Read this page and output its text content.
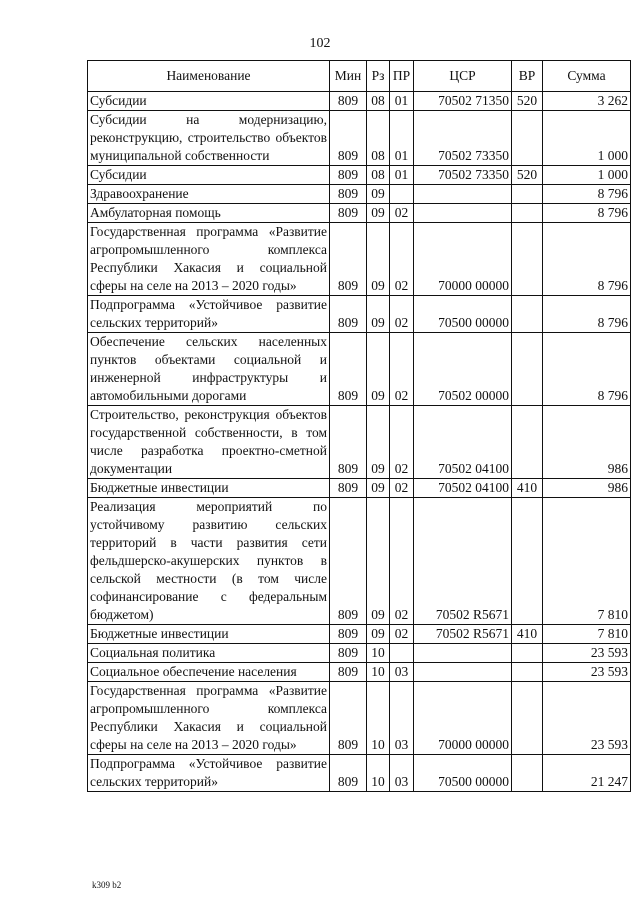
102
Наименование	Мин	Рз	ПР	ЦСР	ВР	Сумма
Субсидии	809	08	01	70502 71350	520	3 262
Субсидии на модернизацию, реконструкцию, строительство объектов муниципальной собственности	809	08	01	70502 73350		1 000
Субсидии	809	08	01	70502 73350	520	1 000
Здравоохранение	809	09				8 796
Амбулаторная помощь	809	09	02			8 796
Государственная программа «Развитие агропромышленного комплекса Республики Хакасия и социальной сферы на селе на 2013 – 2020 годы»	809	09	02	70000 00000		8 796
Подпрограмма «Устойчивое развитие сельских территорий»	809	09	02	70500 00000		8 796
Обеспечение сельских населенных пунктов объектами социальной и инженерной инфраструктуры и автомобильными дорогами	809	09	02	70502 00000		8 796
Строительство, реконструкция объектов государственной собственности, в том числе разработка проектно-сметной документации	809	09	02	70502 04100		986
Бюджетные инвестиции	809	09	02	70502 04100	410	986
Реализация мероприятий по устойчивому развитию сельских территорий в части развития сети фельдшерско-акушерских пунктов в сельской местности (в том числе софинансирование с федеральным бюджетом)	809	09	02	70502 R5671		7 810
Бюджетные инвестиции	809	09	02	70502 R5671	410	7 810
Социальная политика	809	10				23 593
Социальное обеспечение населения	809	10	03			23 593
Государственная программа «Развитие агропромышленного комплекса Республики Хакасия и социальной сферы на селе на 2013 – 2020 годы»	809	10	03	70000 00000		23 593
Подпрограмма «Устойчивое развитие сельских территорий»	809	10	03	70500 00000		21 247
k309 b2
